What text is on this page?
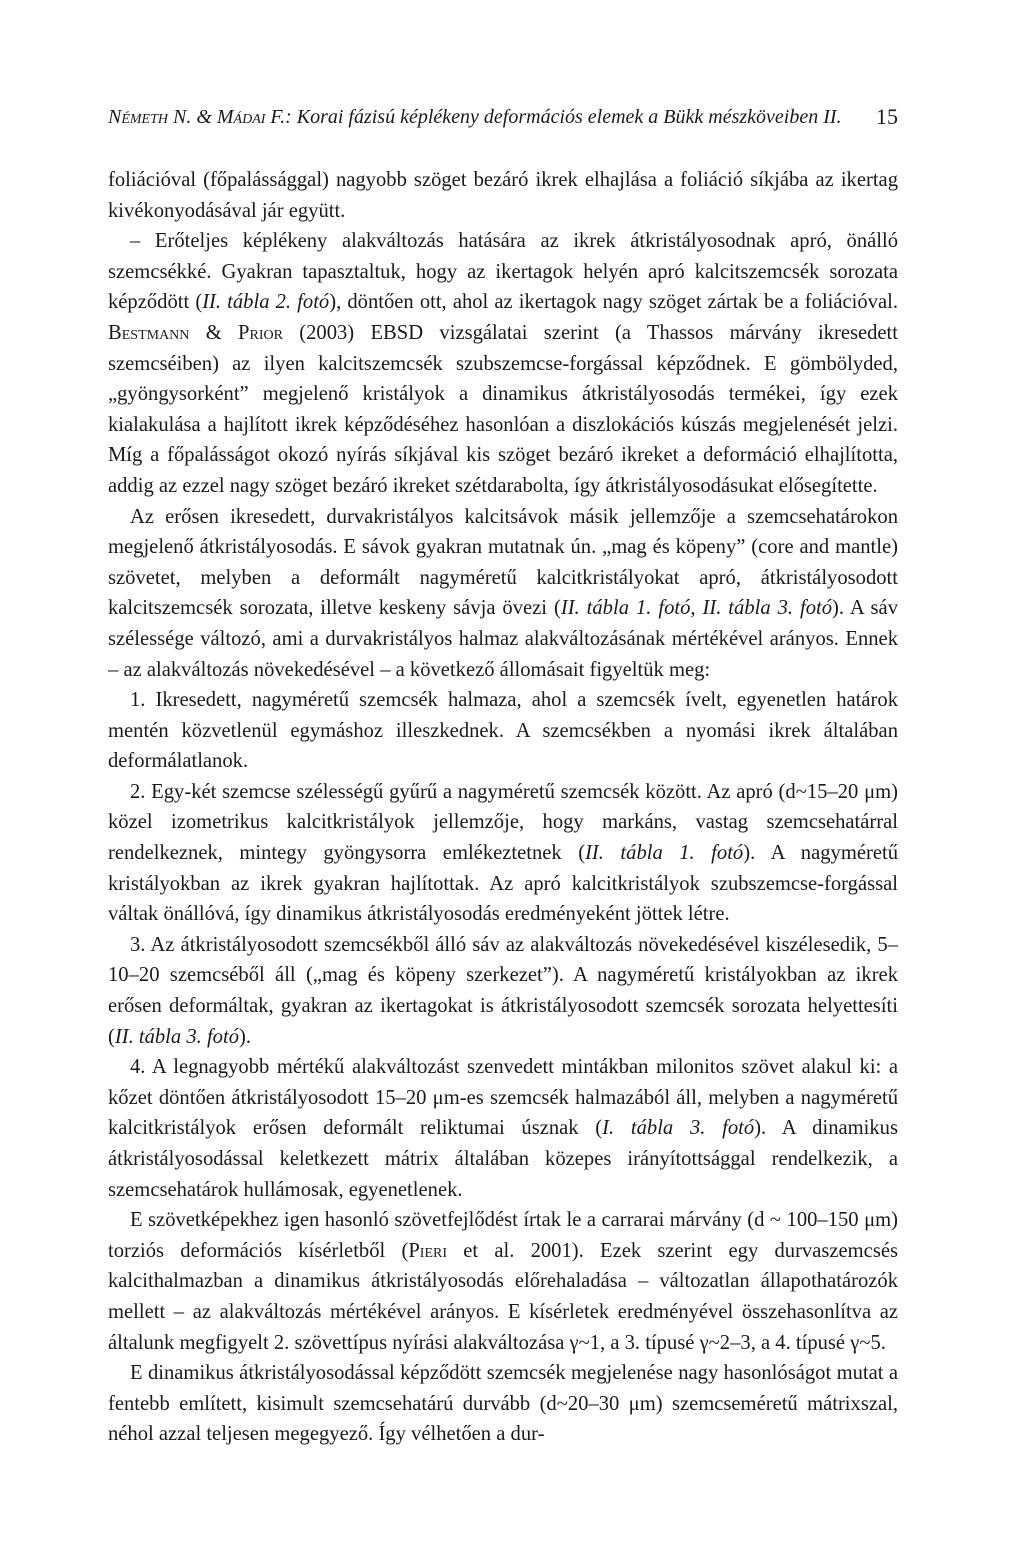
Németh N. & Mádai F.: Korai fázisú képlékeny deformációs elemek a Bükk mészköveiben II. 15

foliációval (főpalássággal) nagyobb szöget bezáró ikrek elhajlása a foliáció síkjába az ikertag kivékonyodásával jár együtt.

– Erőteljes képlékeny alakváltozás hatására az ikrek átkristályosodnak apró, önálló szemcsékké. Gyakran tapasztaltuk, hogy az ikertagok helyén apró kalcitszemcsék sorozata képződött (II. tábla 2. fotó), döntően ott, ahol az ikertagok nagy szöget zártak be a foliációval. Bestmann & Prior (2003) EBSD vizsgálatai szerint (a Thassos márvány ikresedett szemcséiben) az ilyen kalcitszemcsék szubszemcse-forgással képződnek. E gömbölyded, „gyöngysorként” megjelenő kristályok a dinamikus átkristályosodás termékei, így ezek kialakulása a hajlított ikrek képződéséhez hasonlóan a diszlokációs kúszás megjelenését jelzi. Míg a főpalásságot okozó nyírás síkjával kis szöget bezáró ikreket a deformáció elhajlította, addig az ezzel nagy szöget bezáró ikreket szétdarabolta, így átkristályosodásukat elősegítette.

Az erősen ikresedett, durvakristályos kalcitsávok másik jellemzője a szemcsehatárokon megjelenő átkristályosodás. E sávok gyakran mutatnak ún. „mag és köpeny” (core and mantle) szövetet, melyben a deformált nagyméretű kalcitkristályokat apró, átkristályosodott kalcitszemcsék sorozata, illetve keskeny sávja övezi (II. tábla 1. fotó, II. tábla 3. fotó). A sáv szélessége változó, ami a durvakristályos halmaz alakváltozásának mértékével arányos. Ennek – az alakváltozás növekedésével – a következő állomásait figyeltük meg:

1. Ikresedett, nagyméretű szemcsék halmaza, ahol a szemcsék ívelt, egyenetlen határok mentén közvetlenül egymáshoz illeszkednek. A szemcsékben a nyomási ikrek általában deformálatlanok.

2. Egy-két szemcse szélességű gyűrű a nagyméretű szemcsék között. Az apró (d~15–20 μm) közel izometrikus kalcitkristályok jellemzője, hogy markáns, vastag szemcsehatárral rendelkeznek, mintegy gyöngysorra emlékeztetnek (II. tábla 1. fotó). A nagyméretű kristályokban az ikrek gyakran hajlítottak. Az apró kalcitkristályok szubszemcse-forgással váltak önállóvá, így dinamikus átkristályosodás eredményeként jöttek létre.

3. Az átkristályosodott szemcsékből álló sáv az alakváltozás növekedésével kiszélesedik, 5–10–20 szemcséből áll („mag és köpeny szerkezet”). A nagyméretű kristályokban az ikrek erősen deformáltak, gyakran az ikertagokat is átkristályosodott szemcsék sorozata helyettesíti (II. tábla 3. fotó).

4. A legnagyobb mértékű alakváltozást szenvedett mintákban milonitos szövet alakul ki: a kőzet döntően átkristályosodott 15–20 μm-es szemcsék halmazából áll, melyben a nagyméretű kalcitkristályok erősen deformált reliktumai úsznak (I. tábla 3. fotó). A dinamikus átkristályosodással keletkezett mátrix általában közepes irányítottsággal rendelkezik, a szemcsehatárok hullámosak, egyenetlenek.

E szövetképekhez igen hasonló szövetfejlődést írtak le a carrarai márvány (d ~ 100–150 μm) torziós deformációs kísérletből (Pieri et al. 2001). Ezek szerint egy durvaszemcsés kalcithalmazban a dinamikus átkristályosodás előrehaladása – változatlan állapothatározók mellett – az alakváltozás mértékével arányos. E kísérletek eredményével összehasonlítva az általunk megfigyelt 2. szövettípus nyírási alakváltozása γ~1, a 3. típusé γ~2–3, a 4. típusé γ~5.

E dinamikus átkristályosodással képződött szemcsék megjelenése nagy hasonlóságot mutat a fentebb említett, kisimult szemcsehatárú durvább (d~20–30 μm) szemcseméretű mátrixszal, néhol azzal teljesen megegyező. Így vélhetően a dur-
